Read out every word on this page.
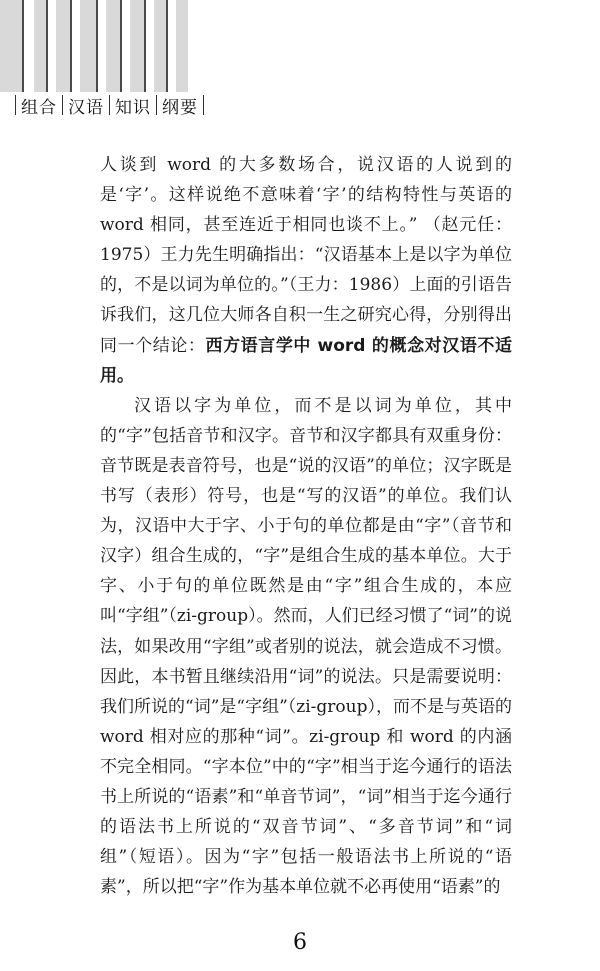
组合 汉语 知识 纲要

人谈到 word 的大多数场合，说汉语的人说到的是‘字’。这样说绝不意味着‘字’的结构特性与英语的 word 相同，甚至连近于相同也谈不上。” （赵元任：1975）王力先生明确指出：“汉语基本上是以字为单位的，不是以词为单位的。”（王力：1986）上面的引语告诉我们，这几位大师各自积一生之研究心得，分别得出同一个结论：西方语言学中 word 的概念对汉语不适用。

汉语以字为单位，而不是以词为单位，其中的“字”包括音节和汉字。音节和汉字都具有双重身份：音节既是表音符号，也是“说的汉语”的单位；汉字既是书写（表形）符号，也是“写的汉语”的单位。我们认为，汉语中大于字、小于句的单位都是由“字”（音节和汉字）组合生成的，“字”是组合生成的基本单位。大于字、小于句的单位既然是由“字”组合生成的，本应叫“字组”（zi-group）。然而，人们已经习惯了“词”的说法，如果改用“字组”或者别的说法，就会造成不习惯。因此，本书暂且继续沿用“词”的说法。只是需要说明：我们所说的“词”是“字组”（zi-group），而不是与英语的 word 相对应的那种“词”。zi-group 和 word 的内涵不完全相同。“字本位”中的“字”相当于迄今通行的语法书上所说的“语素”和“单音节词”，“词”相当于迄今通行的语法书上所说的“双音节词”、“多音节词”和“词组”（短语）。因为“字”包括一般语法书上所说的“语素”，所以把“字”作为基本单位就不必再使用“语素”的

6
